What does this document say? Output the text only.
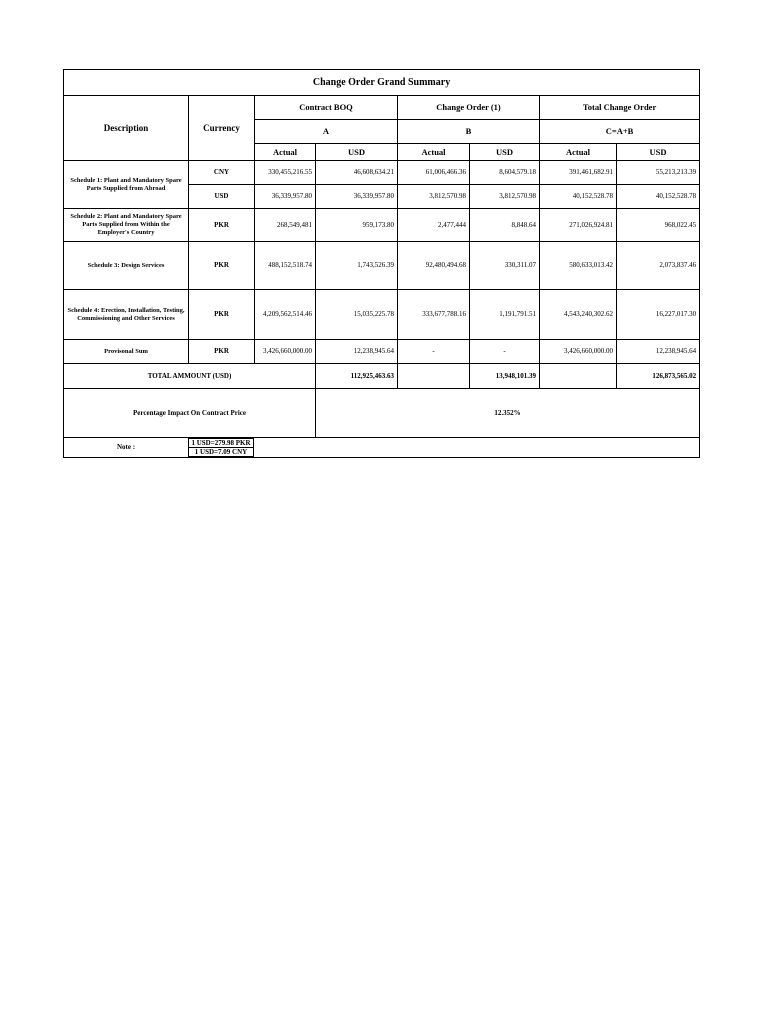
Change Order Grand Summary							
Description	Currency	Contract BOQ		Change Order (1)		Total Change Order	
		A		B		C=A+B	
		Actual	USD	Actual	USD	Actual	USD
Schedule 1: Plant and Mandatory Spare Parts Supplied from Abroad	CNY	330,455,216.55	46,608,634.21	61,006,466.36	8,604,579.18	391,461,682.91	55,213,213.39
	USD	36,339,957.80	36,339,957.80	3,812,570.98	3,812,570.98	40,152,528.78	40,152,528.78
Schedule 2: Plant and Mandatory Spare Parts Supplied from Within the Employer's Country	PKR	268,549,481	959,173.80	2,477,444	8,848.64	271,026,924.81	968,022.45
Schedule 3: Design Services	PKR	488,152,518.74	1,743,526.39	92,480,494.68	330,311.07	580,633,013.42	2,073,837.46
Schedule 4: Erection, Installation, Testing, Commissioning and Other Services	PKR	4,209,562,514.46	15,035,225.78	333,677,788.16	1,191,791.51	4,543,240,302.62	16,227,017.30
Provisonal Sum	PKR	3,426,660,000.00	12,238,945.64	-	-	3,426,660,000.00	12,238,945.64
TOTAL AMMOUNT (USD)			112,925,463.63		13,948,101.39		126,873,565.02
Percentage Impact On Contract Price			12.352%				
Note :	1 USD=279.98 PKR
1 USD=7.09 CNY						
